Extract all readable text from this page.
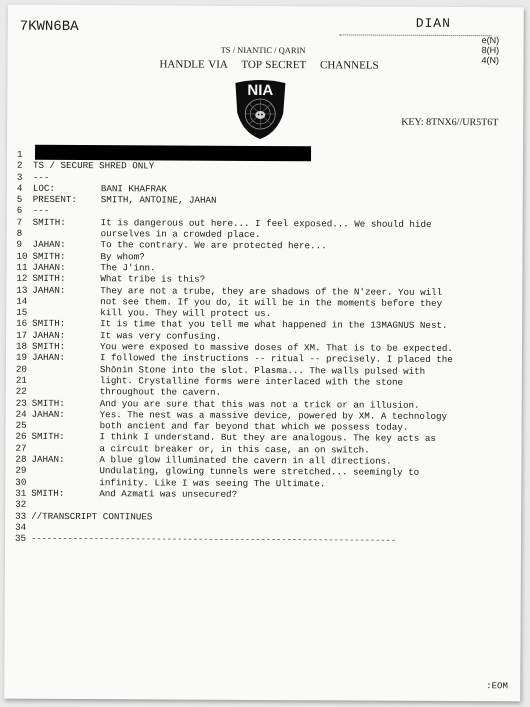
7KWN6BA	DIAN
e(N)
8(H)
4(N)
TS / NIANTIC / QARIN
HANDLE VIA TOP SECRET CHANNELS
NIA
KEY: 8TNX6//UR5T6T
1
2 TS / SECURE SHRED ONLY
3 ---
4 LOC:	BANI KHAFRAK
5 PRESENT:	SMITH, ANTOINE, JAHAN
6 ---
7 SMITH:	It is dangerous out here... I feel exposed... We should hide
8	ourselves in a crowded place.
9 JAHAN:	To the contrary. We are protected here...
10 SMITH:	By whom?
11 JAHAN:	The J'inn.
12 SMITH:	What tribe is this?
13 JAHAN:	They are not a trube, they are shadows of the N'zeer. You will
14	not see them. If you do, it will be in the moments before they
15	kill you. They will protect us.
16 SMITH:	It is time that you tell me what happened in the 13MAGNUS Nest.
17 JAHAN:	It was very confusing.
18 SMITH:	You were exposed to massive doses of XM. That is to be expected.
19 JAHAN:	I followed the instructions -- ritual -- precisely. I placed the
20	Shōnin Stone into the slot. Plasma... The walls pulsed with
21	light. Crystalline forms were interlaced with the stone
22	throughout the cavern.
23 SMITH:	And you are sure that this was not a trick or an illusion.
24 JAHAN:	Yes. The nest was a massive device, powered by XM. A technology
25	both ancient and far beyond that which we possess today.
26 SMITH:	I think I understand. But they are analogous. The key acts as
27	a circuit breaker or, in this case, an on switch.
28 JAHAN:	A blue glow illuminated the cavern in all directions.
29	Undulating, glowing tunnels were stretched... seemingly to
30	infinity. Like I was seeing The Ultimate.
31 SMITH:	And Azmati was unsecured?
32
33 //TRANSCRIPT CONTINUES
34
35 ----------------------------------------------------------------------
:EOM
